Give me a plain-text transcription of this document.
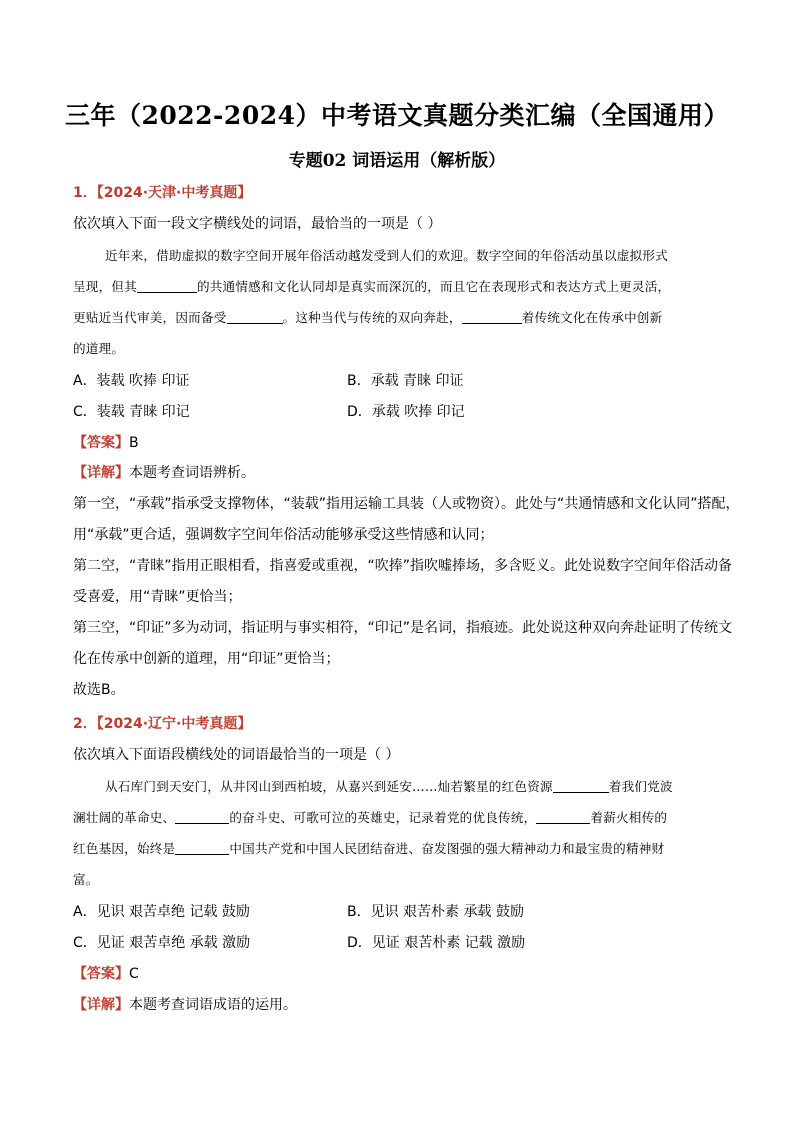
三年（2022-2024）中考语文真题分类汇编（全国通用）
专题02 词语运用（解析版）
1．【2024·天津·中考真题】
依次填入下面一段文字横线处的词语，最恰当的一项是（ ）
近年来，借助虚拟的数字空间开展年俗活动越发受到人们的欢迎。数字空间的年俗活动虽以虚拟形式
呈现，但其	的共通情感和文化认同却是真实而深沉的，而且它在表现形式和表达方式上更灵活，
更贴近当代审美，因而备受	。这种当代与传统的双向奔赴，	着传统文化在传承中创新
的道理。
A．装载 吹捧 印证	B．承载 青睐 印证
C．装载 青睐 印记	D．承载 吹捧 印记
【答案】B
【详解】本题考查词语辨析。
第一空，“承载”指承受支撑物体，“装载”指用运输工具装（人或物资）。此处与“共通情感和文化认同”搭配，
用“承载”更合适，强调数字空间年俗活动能够承受这些情感和认同；
第二空，“青睐”指用正眼相看，指喜爱或重视，“吹捧”指吹嘘捧场，多含贬义。此处说数字空间年俗活动备
受喜爱，用“青睐”更恰当；
第三空，“印证”多为动词，指证明与事实相符，“印记”是名词，指痕迹。此处说这种双向奔赴证明了传统文
化在传承中创新的道理，用“印证”更恰当；
故选B。
2．【2024·辽宁·中考真题】
依次填入下面语段横线处的词语最恰当的一项是（ ）
从石库门到天安门，从井冈山到西柏坡，从嘉兴到延安……灿若繁星的红色资源	着我们党波
澜壮阔的革命史、	的奋斗史、可歌可泣的英雄史，记录着党的优良传统，	着薪火相传的
红色基因，始终是	中国共产党和中国人民团结奋进、奋发图强的强大精神动力和最宝贵的精神财
富。
A．见识 艰苦卓绝 记载 鼓励	B．见识 艰苦朴素 承载 鼓励
C．见证 艰苦卓绝 承载 激励	D．见证 艰苦朴素 记载 激励
【答案】C
【详解】本题考查词语成语的运用。
